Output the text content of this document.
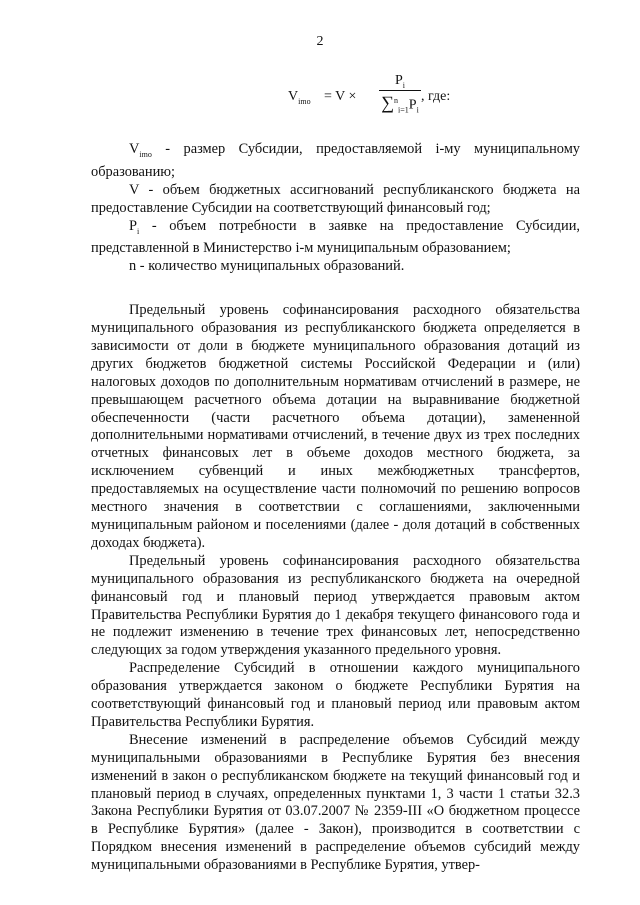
2
$V_{imo} = V$ ×
$P_i$
$\sum^n_{i=1}P_i$
, где:

$V_{imo}$ - размер Субсидии, предоставляемой i-му муниципальному образованию;

V - объем бюджетных ассигнований республиканского бюджета на предоставление Субсидии на соответствующий финансовый год;

$P_i$ - объем потребности в заявке на предоставление Субсидии, представленной в Министерство i-м муниципальным образованием;

n - количество муниципальных образований.

Предельный уровень софинансирования расходного обязательства муниципального образования из республиканского бюджета определяется в зависимости от доли в бюджете муниципального образования дотаций из других бюджетов бюджетной системы Российской Федерации и (или) налоговых доходов по дополнительным нормативам отчислений в размере, не превышающем расчетного объема дотации на выравнивание бюджетной обеспеченности (части расчетного объема дотации), замененной дополнительными нормативами отчислений, в течение двух из трех последних отчетных финансовых лет в объеме доходов местного бюджета, за исключением субвенций и иных межбюджетных трансфертов, предоставляемых на осуществление части полномочий по решению вопросов местного значения в соответствии с соглашениями, заключенными муниципальным районом и поселениями (далее - доля дотаций в собственных доходах бюджета).

Предельный уровень софинансирования расходного обязательства муниципального образования из республиканского бюджета на очередной финансовый год и плановый период утверждается правовым актом Правительства Республики Бурятия до 1 декабря текущего финансового года и не подлежит изменению в течение трех финансовых лет, непосредственно следующих за годом утверждения указанного предельного уровня.

Распределение Субсидий в отношении каждого муниципального образования утверждается законом о бюджете Республики Бурятия на соответствующий финансовый год и плановый период или правовым актом Правительства Республики Бурятия.

Внесение изменений в распределение объемов Субсидий между муниципальными образованиями в Республике Бурятия без внесения изменений в закон о республиканском бюджете на текущий финансовый год и плановый период в случаях, определенных пунктами 1, 3 части 1 статьи 32.3 Закона Республики Бурятия от 03.07.2007 № 2359-III «О бюджетном процессе в Республике Бурятия» (далее - Закон), производится в соответствии с Порядком внесения изменений в распределение объемов субсидий между муниципальными образованиями в Республике Бурятия, утвер-
